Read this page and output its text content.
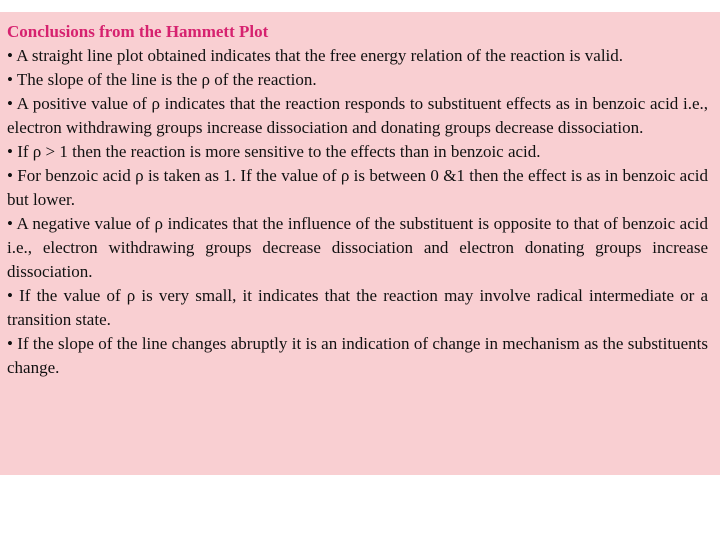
Conclusions from the Hammett Plot

• A straight line plot obtained indicates that the free energy relation of the reaction is valid.

• The slope of the line is the ρ of the reaction.

• A positive value of ρ indicates that the reaction responds to substituent effects as in benzoic acid i.e., electron withdrawing groups increase dissociation and donating groups decrease dissociation.

• If ρ > 1 then the reaction is more sensitive to the effects than in benzoic acid.

• For benzoic acid ρ is taken as 1. If the value of ρ is between 0 &1 then the effect is as in benzoic acid but lower.

• A negative value of ρ indicates that the influence of the substituent is opposite to that of benzoic acid i.e., electron withdrawing groups decrease dissociation and electron donating groups increase dissociation.

• If the value of ρ is very small, it indicates that the reaction may involve radical intermediate or a transition state.

• If the slope of the line changes abruptly it is an indication of change in mechanism as the substituents change.
